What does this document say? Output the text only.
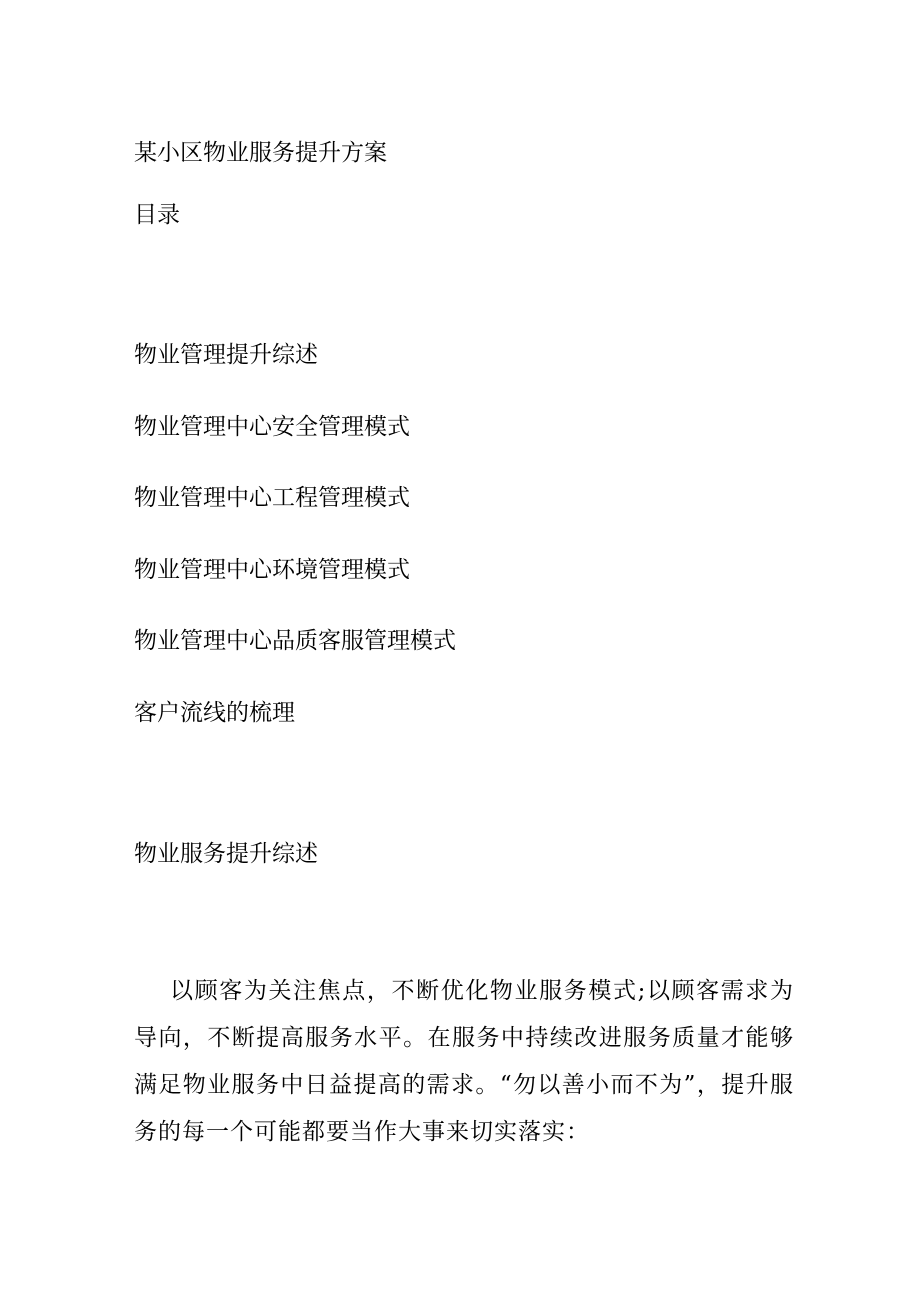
某小区物业服务提升方案
目录
物业管理提升综述
物业管理中心安全管理模式
物业管理中心工程管理模式
物业管理中心环境管理模式
物业管理中心品质客服管理模式
客户流线的梳理
物业服务提升综述
以顾客为关注焦点，不断优化物业服务模式;以顾客需求为导向，不断提高服务水平。在服务中持续改进服务质量才能够满足物业服务中日益提高的需求。“勿以善小而不为”，提升服务的每一个可能都要当作大事来切实落实：
